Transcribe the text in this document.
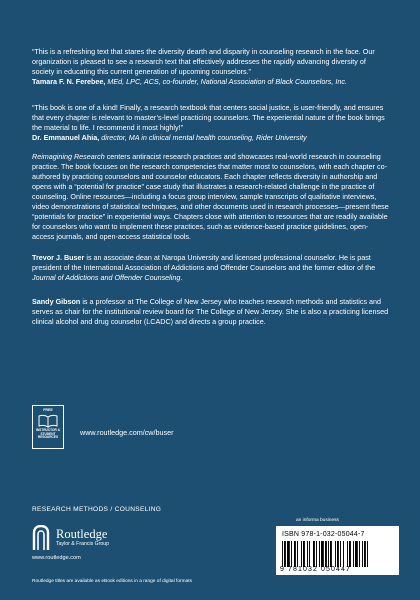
“This is a refreshing text that stares the diversity dearth and disparity in counseling research in the face. Our organization is pleased to see a research text that effectively addresses the rapidly advancing diversity of society in educating this current generation of upcoming counselors.”

Tamara F. N. Ferebee, MEd, LPC, ACS, co-founder, National Association of Black Counselors, Inc.

“This book is one of a kind! Finally, a research textbook that centers social justice, is user-friendly, and ensures that every chapter is relevant to master’s-level practicing counselors. The experiential nature of the book brings the material to life. I recommend it most highly!”

Dr. Emmanuel Ahia, director, MA in clinical mental health counseling, Rider University

Reimagining Research centers antiracist research practices and showcases real-world research in counseling practice. The book focuses on the research competencies that matter most to counselors, with each chapter co-authored by practicing counselors and counselor educators. Each chapter reflects diversity in authorship and opens with a “potential for practice” case study that illustrates a research-related challenge in the practice of counseling. Online resources—including a focus group interview, sample transcripts of qualitative interviews, video demonstrations of statistical techniques, and other documents used in research processes—present these “potentials for practice” in experiential ways. Chapters close with attention to resources that are readily available for counselors who want to implement these practices, such as evidence-based practice guidelines, open-access journals, and open-access statistical tools.

Trevor J. Buser is an associate dean at Naropa University and licensed professional counselor. He is past president of the International Association of Addictions and Offender Counselors and the former editor of the Journal of Addictions and Offender Counseling.

Sandy Gibson is a professor at The College of New Jersey who teaches research methods and statistics and serves as chair for the institutional review board for The College of New Jersey. She is also a practicing licensed clinical alcohol and drug counselor (LCADC) and directs a group practice.

FREE
INSTRUCTOR & STUDENT RESOURCES
www.routledge.com/cw/buser
RESEARCH METHODS / COUNSELING
Routledge
Taylor & Francis Group
www.routledge.com
Routledge titles are available as eBook editions in a range of digital formats
an informa business
ISBN 978-1-032-05044-7
9 781032 050447
